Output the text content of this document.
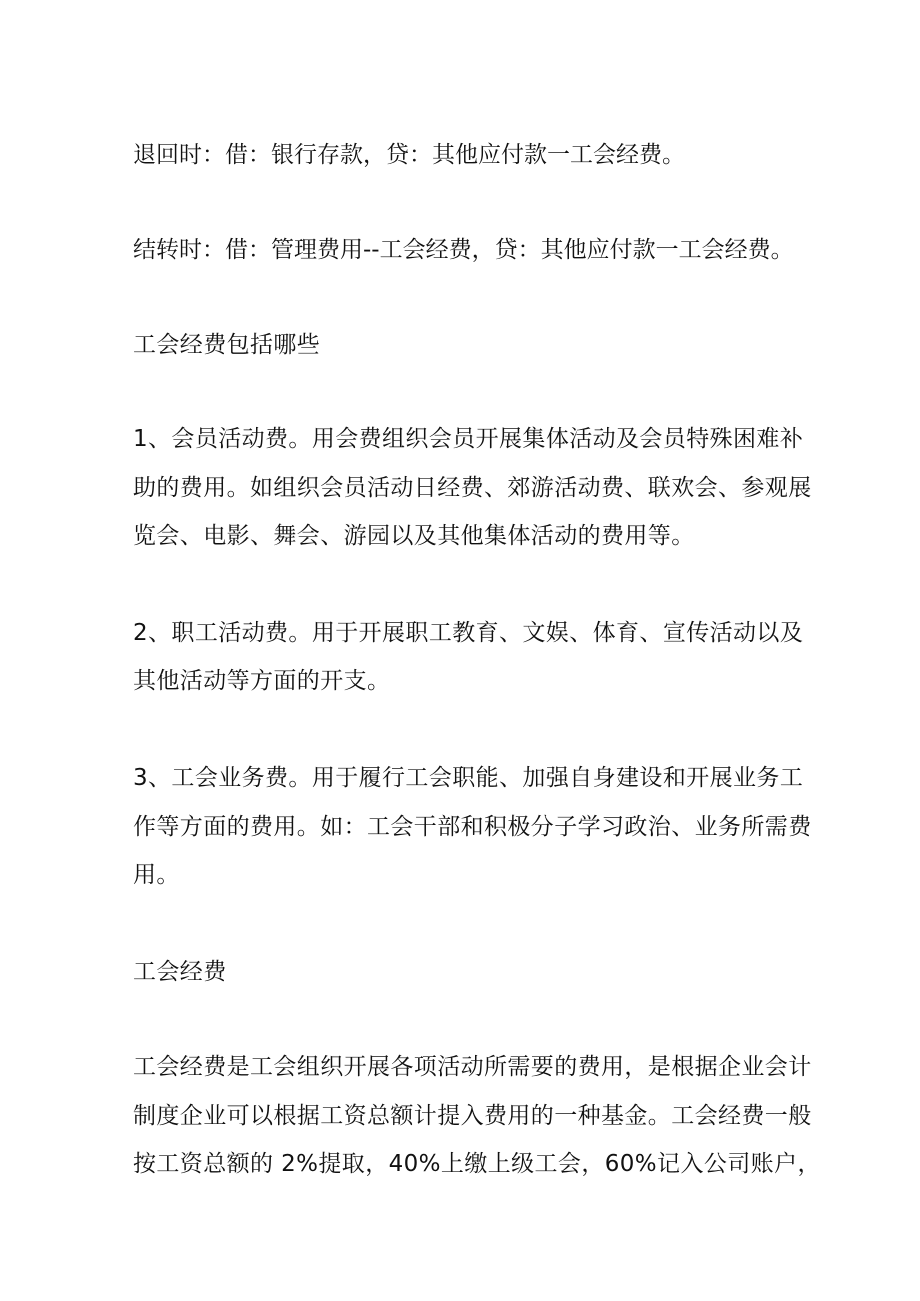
退回时：借：银行存款，贷：其他应付款一工会经费。
结转时：借：管理费用--工会经费，贷：其他应付款一工会经费。
工会经费包括哪些
1、会员活动费。用会费组织会员开展集体活动及会员特殊困难补
助的费用。如组织会员活动日经费、郊游活动费、联欢会、参观展
览会、电影、舞会、游园以及其他集体活动的费用等。
2、职工活动费。用于开展职工教育、文娱、体育、宣传活动以及
其他活动等方面的开支。
3、工会业务费。用于履行工会职能、加强自身建设和开展业务工
作等方面的费用。如：工会干部和积极分子学习政治、业务所需费
用。
工会经费
工会经费是工会组织开展各项活动所需要的费用，是根据企业会计
制度企业可以根据工资总额计提入费用的一种基金。工会经费一般
按工资总额的 2%提取，40%上缴上级工会，60%记入公司账户，
